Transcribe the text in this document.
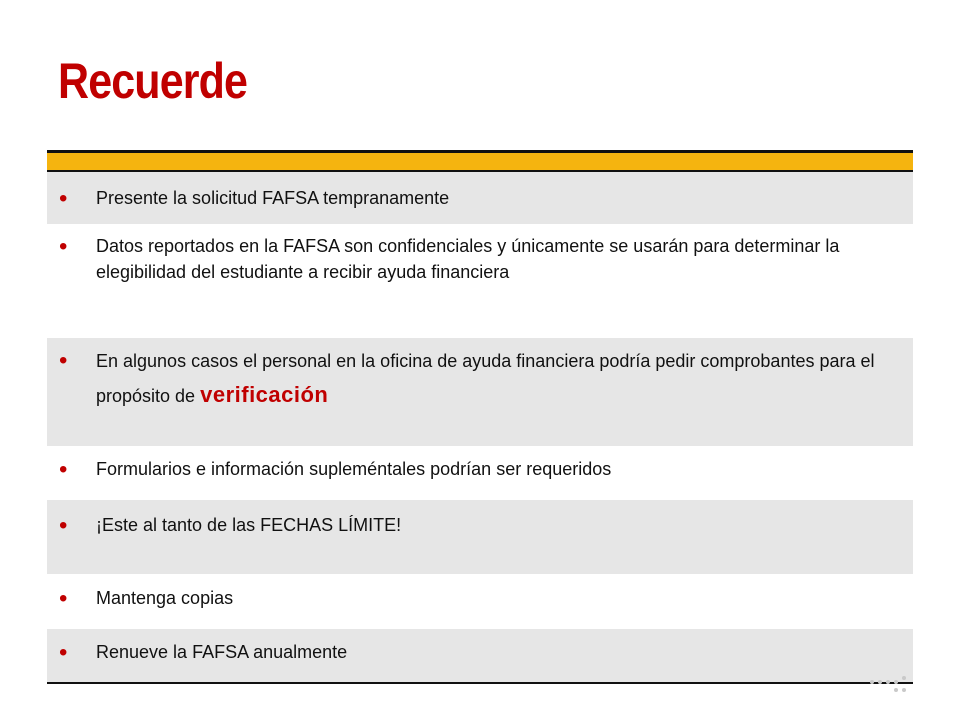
Recuerde
• Presente la solicitud FAFSA tempranamente
• Datos reportados en la FAFSA son confidenciales y únicamente se usarán para determinar la elegibilidad del estudiante a recibir ayuda financiera
• En algunos casos el personal en la oficina de ayuda financiera podría pedir comprobantes para el propósito de verificación
• Formularios e información supleméntales podrían ser requeridos
• ¡Este al tanto de las FECHAS LÍMITE!
• Mantenga copias
• Renueve la FAFSA anualmente
